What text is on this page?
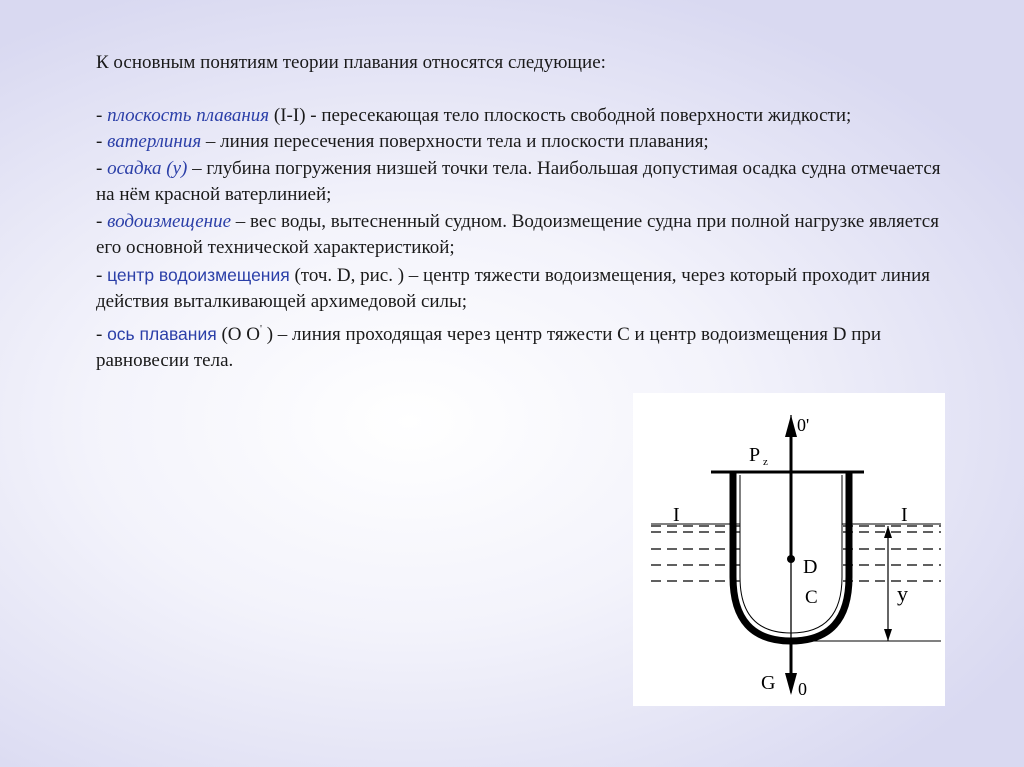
К основным понятиям теории плавания относятся следующие:

- плоскость плавания (I-I) - пересекающая тело плоскость свободной поверхности жидкости;

- ватерлиния – линия пересечения поверхности тела и плоскости плавания;

- осадка (y) – глубина погружения низшей точки тела. Наибольшая допустимая осадка судна отмечается на нём красной ватерлинией;

- водоизмещение – вес воды, вытесненный судном. Водоизмещение судна при полной нагрузке является его основной технической характеристикой;

- центр водоизмещения (точ. D, рис. ) – центр тяжести водоизмещения, через который проходит линия действия выталкивающей архимедовой силы;

- ось плавания (О О' ) – линия проходящая через центр тяжести С и центр водоизмещения D при равновесии тела.

0'
P z
I	I
D
C	y
G 0
